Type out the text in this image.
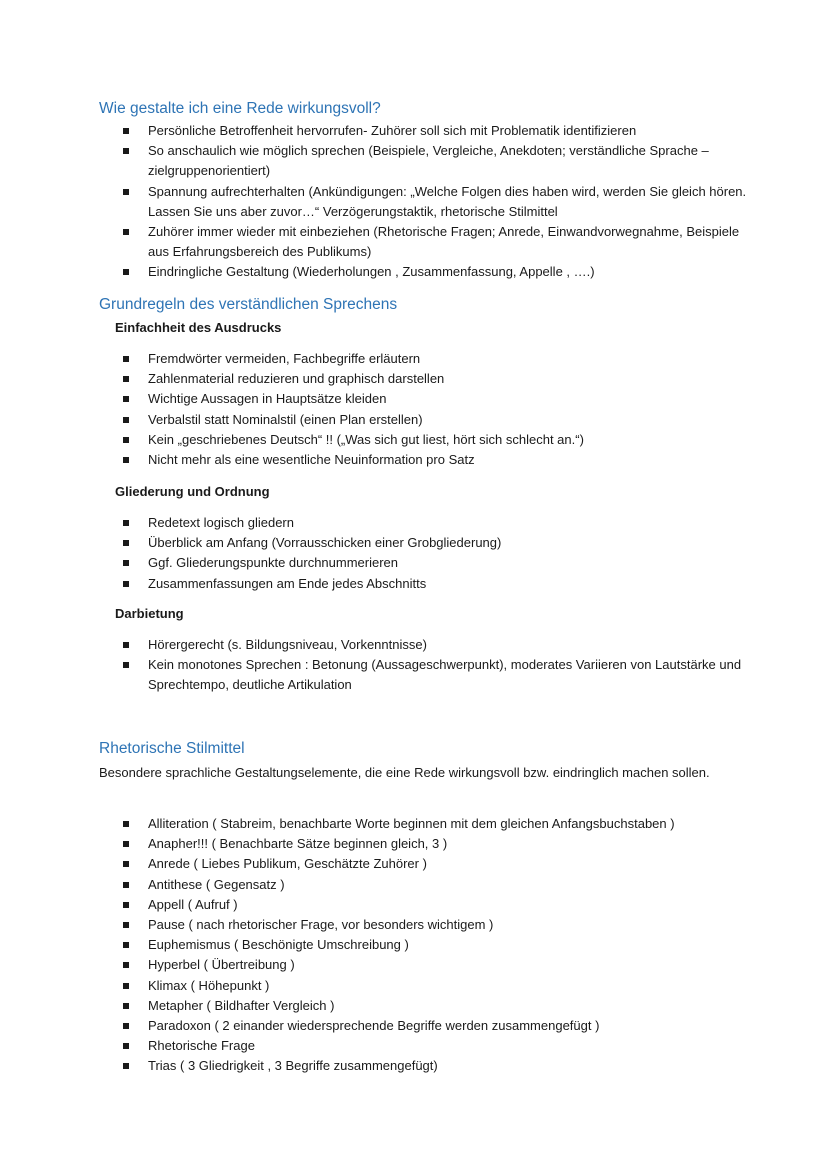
Wie gestalte ich eine Rede wirkungsvoll?
Persönliche Betroffenheit hervorrufen- Zuhörer soll sich mit Problematik identifizieren
So anschaulich wie möglich sprechen (Beispiele, Vergleiche, Anekdoten; verständliche Sprache – zielgruppenorientiert)
Spannung aufrechterhalten (Ankündigungen: „Welche Folgen dies haben wird, werden Sie gleich hören. Lassen Sie uns aber zuvor…“ Verzögerungstaktik, rhetorische Stilmittel
Zuhörer immer wieder mit einbeziehen (Rhetorische Fragen; Anrede, Einwandvorwegnahme, Beispiele aus Erfahrungsbereich des Publikums)
Eindringliche Gestaltung (Wiederholungen , Zusammenfassung, Appelle , ….)
Grundregeln des verständlichen Sprechens
Einfachheit des Ausdrucks
Fremdwörter vermeiden, Fachbegriffe erläutern
Zahlenmaterial reduzieren und graphisch darstellen
Wichtige Aussagen in Hauptsätze kleiden
Verbalstil statt Nominalstil (einen Plan erstellen)
Kein „geschriebenes Deutsch“ !! („Was sich gut liest, hört sich schlecht an.“)
Nicht mehr als eine wesentliche Neuinformation pro Satz
Gliederung und Ordnung
Redetext logisch gliedern
Überblick am Anfang (Vorrausschicken einer Grobgliederung)
Ggf. Gliederungspunkte durchnummerieren
Zusammenfassungen am Ende jedes Abschnitts
Darbietung
Hörergerecht (s. Bildungsniveau, Vorkenntnisse)
Kein monotones Sprechen : Betonung (Aussageschwerpunkt), moderates Variieren von Lautstärke und Sprechtempo, deutliche Artikulation
Rhetorische Stilmittel

Besondere sprachliche Gestaltungselemente, die eine Rede wirkungsvoll bzw. eindringlich machen sollen.

Alliteration ( Stabreim, benachbarte Worte beginnen mit dem gleichen Anfangsbuchstaben )
Anapher!!! ( Benachbarte Sätze beginnen gleich, 3 )
Anrede ( Liebes Publikum, Geschätzte Zuhörer )
Antithese ( Gegensatz )
Appell ( Aufruf )
Pause ( nach rhetorischer Frage, vor besonders wichtigem )
Euphemismus ( Beschönigte Umschreibung )
Hyperbel ( Übertreibung )
Klimax ( Höhepunkt )
Metapher ( Bildhafter Vergleich )
Paradoxon ( 2 einander wiedersprechende Begriffe werden zusammengefügt )
Rhetorische Frage
Trias ( 3 Gliedrigkeit , 3 Begriffe zusammengefügt)
